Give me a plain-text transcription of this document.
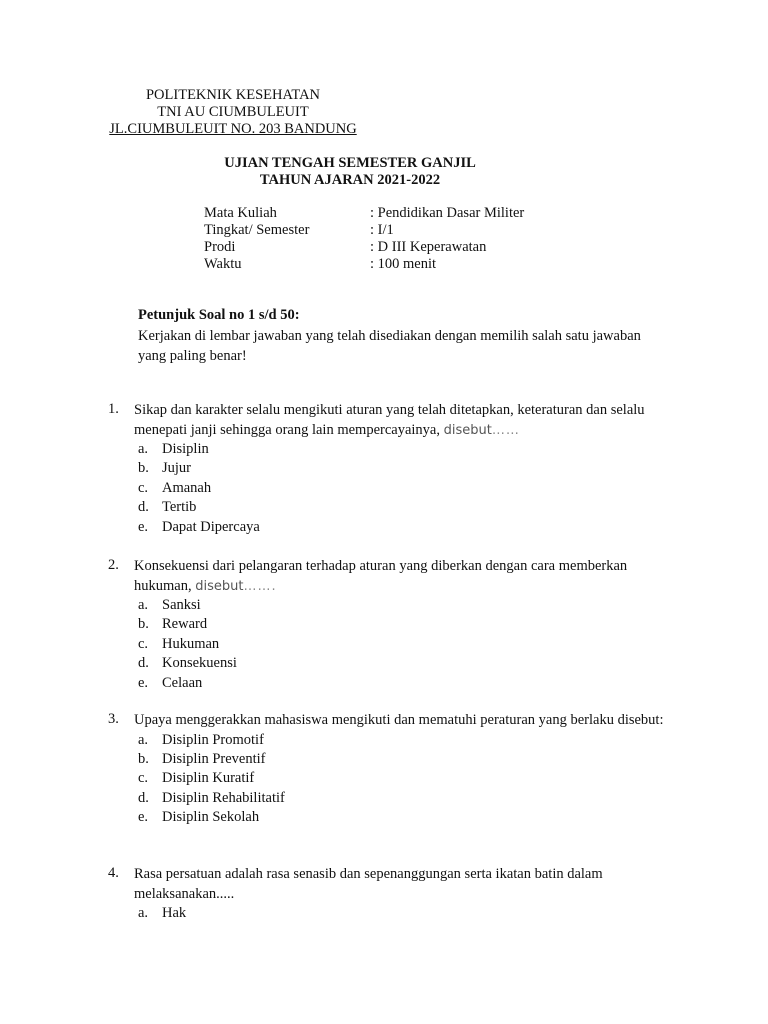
POLITEKNIK KESEHATAN
TNI AU CIUMBULEUIT
JL.CIUMBULEUIT NO. 203 BANDUNG
UJIAN TENGAH SEMESTER GANJIL
TAHUN AJARAN 2021-2022
Mata Kuliah	: Pendidikan Dasar Militer
Tingkat/ Semester	: I/1
Prodi	: D III Keperawatan
Waktu	: 100 menit
Petunjuk Soal no 1 s/d 50:
Kerjakan di lembar jawaban yang telah disediakan dengan memilih salah satu jawaban yang paling benar!
1. Sikap dan karakter selalu mengikuti aturan yang telah ditetapkan, keteraturan dan selalu menepati janji sehingga orang lain mempercayainya, disebut……
a. Disiplin
b. Jujur
c. Amanah
d. Tertib
e. Dapat Dipercaya
2. Konsekuensi dari pelangaran terhadap aturan yang diberkan dengan cara memberkan hukuman, disebut…….
a. Sanksi
b. Reward
c. Hukuman
d. Konsekuensi
e. Celaan
3. Upaya menggerakkan mahasiswa mengikuti dan mematuhi peraturan yang berlaku disebut:
a. Disiplin Promotif
b. Disiplin Preventif
c. Disiplin Kuratif
d. Disiplin Rehabilitatif
e. Disiplin Sekolah
4. Rasa persatuan adalah rasa senasib dan sepenanggungan serta ikatan batin dalam melaksanakan.....
a. Hak
